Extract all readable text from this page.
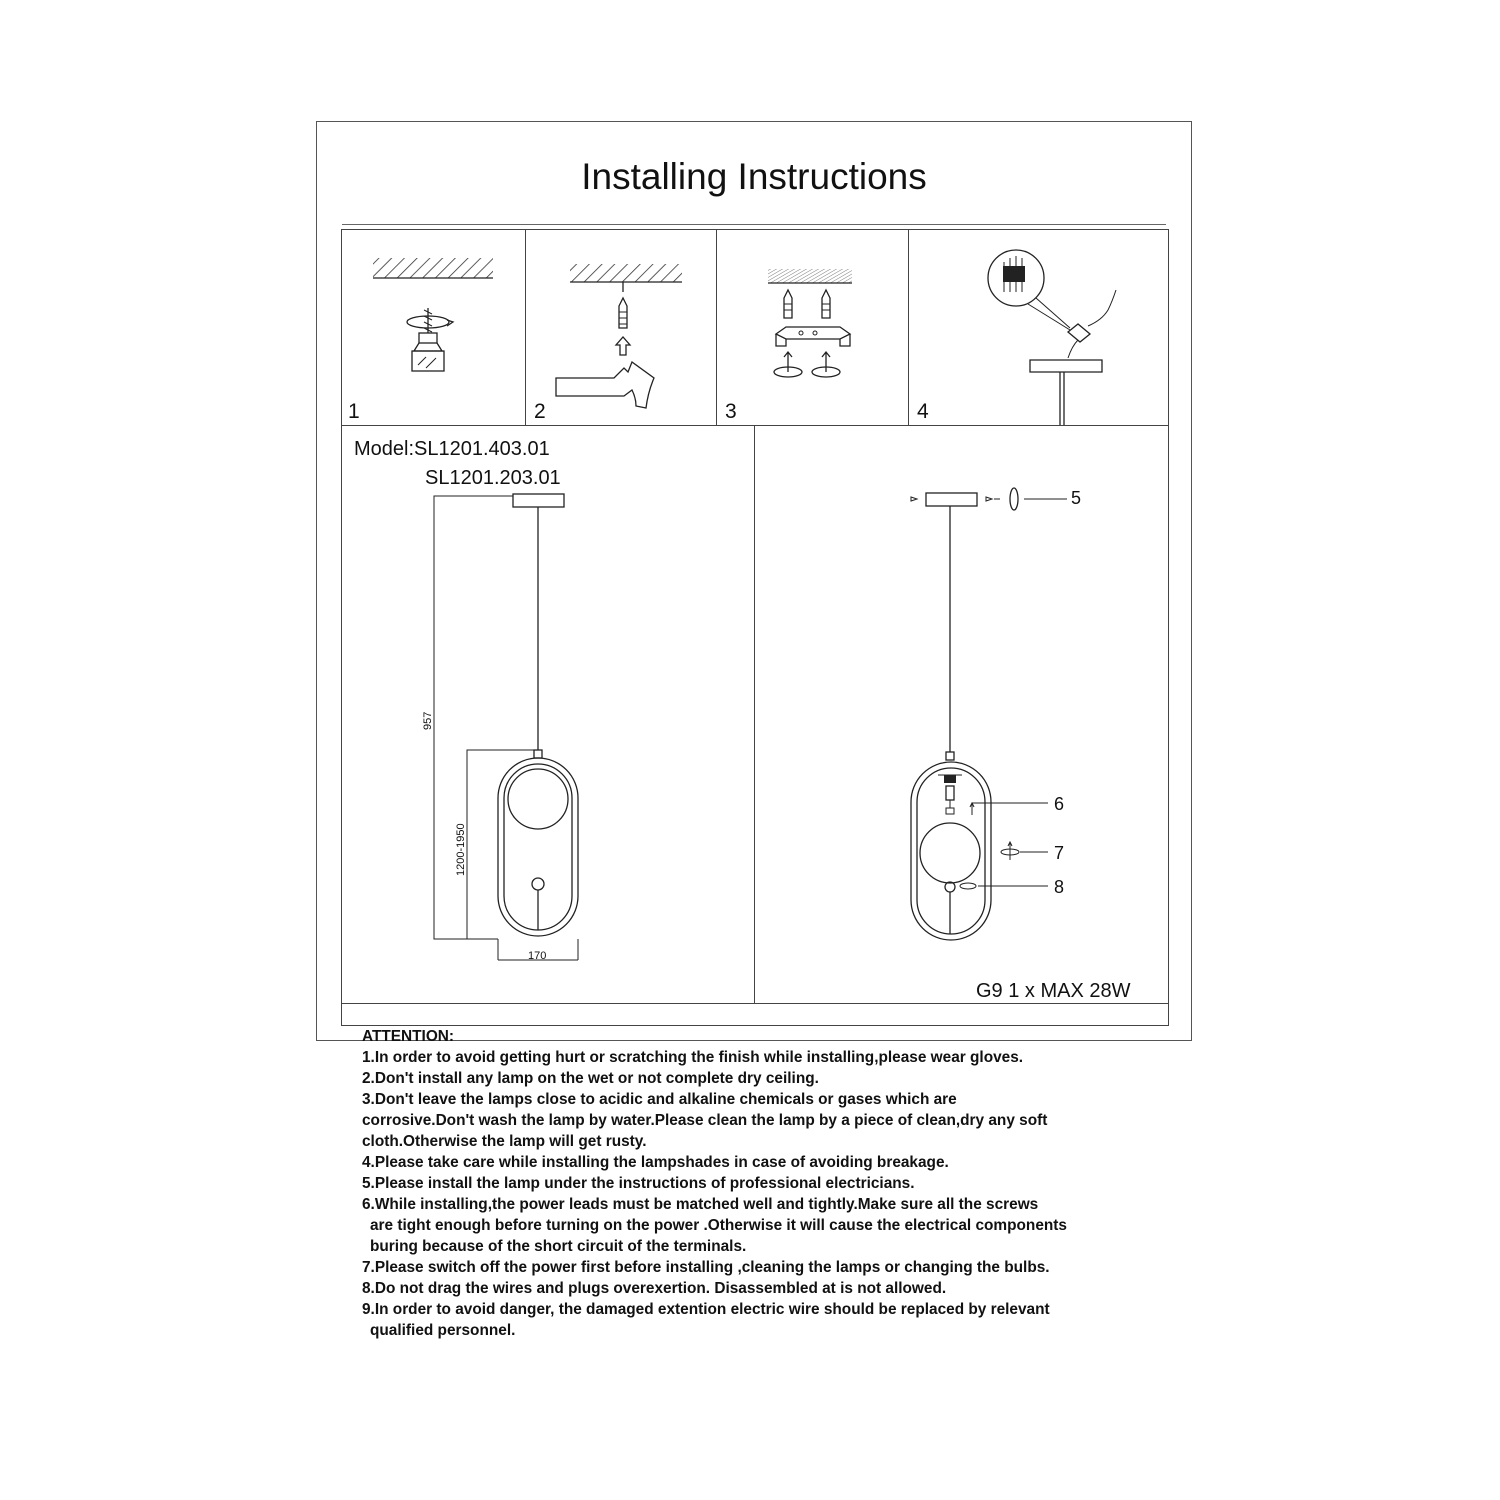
Installing Instructions
1	2	3	4
Model:SL1201.403.01
SL1201.203.01
957
1200-1950
170
5
6
7
8
G9 1 x MAX 28W

ATTENTION:

1.In order to avoid getting hurt or scratching the finish while installing,please wear gloves.

2.Don't install any lamp on the wet or not complete dry ceiling.

3.Don't leave the lamps close to acidic and alkaline chemicals or gases which are

corrosive.Don't wash the lamp by water.Please clean the lamp by a piece of clean,dry any soft

cloth.Otherwise the lamp will get rusty.

4.Please take care while installing the lampshades in case of avoiding breakage.

5.Please install the lamp under the instructions of professional electricians.

6.While installing,the power leads must be matched well and tightly.Make sure all the screws

are tight enough before turning on the power .Otherwise it will cause the electrical components

buring because of the short circuit of the terminals.

7.Please switch off the power first before installing ,cleaning the lamps or changing the bulbs.

8.Do not drag the wires and plugs overexertion. Disassembled at is not allowed.

9.In order to avoid danger, the damaged extention electric wire should be replaced by relevant

qualified personnel.
